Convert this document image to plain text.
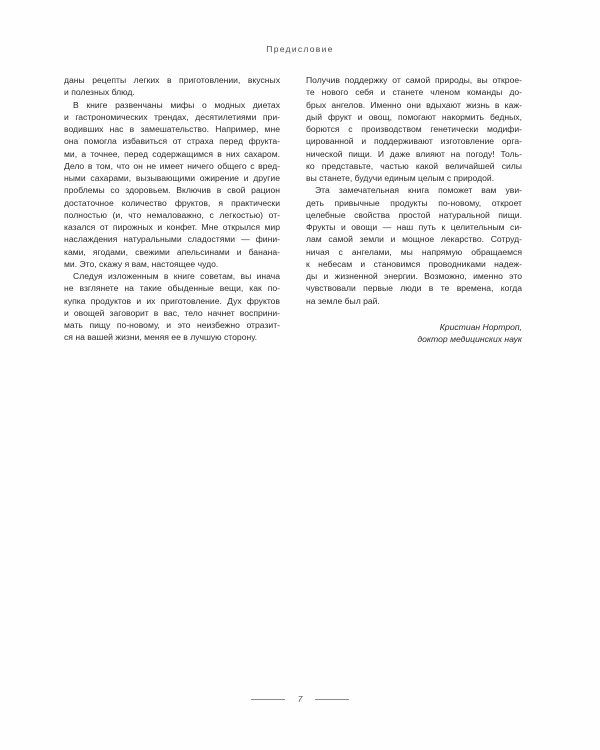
Предисловие
даны рецепты легких в приготовлении, вкусных
и полезных блюд.
В книге развенчаны мифы о модных диетах
и гастрономических трендах, десятилетиями при-
водивших нас в замешательство. Например, мне
она помогла избавиться от страха перед фрукта-
ми, а точнее, перед содержащимся в них сахаром.
Дело в том, что он не имеет ничего общего с вред-
ными сахарами, вызывающими ожирение и другие
проблемы со здоровьем. Включив в свой рацион
достаточное количество фруктов, я практически
полностью (и, что немаловажно, с легкостью) от-
казался от пирожных и конфет. Мне открылся мир
наслаждения натуральными сладостями — фини-
ками, ягодами, свежими апельсинами и банана-
ми. Это, скажу я вам, настоящее чудо.
Следуя изложенным в книге советам, вы инача
не взглянете на такие обыденные вещи, как по-
купка продуктов и их приготовление. Дух фруктов
и овощей заговорит в вас, тело начнет восприни-
мать пищу по-новому, и это неизбежно отразит-
ся на вашей жизни, меняя ее в лучшую сторону.
Получив поддержку от самой природы, вы откроe-
те нового себя и станете членом команды до-
брых ангелов. Именно они вдыхают жизнь в каж-
дый фрукт и овощ, помогают накормить бедных,
борются с производством генетически модифи-
цированной и поддерживают изготовление орга-
нической пищи. И даже влияют на погоду! Толь-
ко представьте, частью какой величайшей силы
вы станете, будучи единым целым с природой.
Эта замечательная книга поможет вам уви-
деть привычные продукты по-новому, откроет
целебные свойства простой натуральной пищи.
Фрукты и овощи — наш путь к целительным си-
лам самой земли и мощное лекарство. Сотруд-
ничая с ангелами, мы напрямую обращаемся
к небесам и становимся проводниками надеж-
ды и жизненной энергии. Возможно, именно это
чувствовали первые люди в те времена, когда
на земле был рай.
Кристиан Нортроп,
доктор медицинских наук
7
